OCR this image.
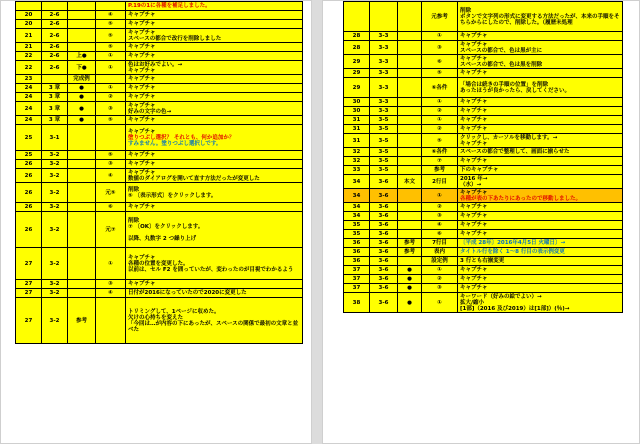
				P.19の1に各種を補足しました。

20	2-6		④	キャプチャ

20	2-6		⑤	キャプチャ

21	2-6		⑤	キャプチャ
スペースの都合で改行を削除しました

21	2-6		⑤	キャプチャ

22	2-6	上●	①	キャプチャ

22	2-6	下●	①	色はお好みでよい。→
キャプチャ

23		完成例		キャプチャ

24	3 章	●	①	キャプチャ

24	3 章	●	②	キャプチャ

24	3 章	●	③	キャプチャ
好みの文字の色→

24	3 章	●	⑤	キャプチャ

25	3-1			キャプチャ
塗りつぶし選択？ それとも、何か追加か？
すみません。塗りつぶし選択しです。

25	3-2		⑤	キャプチャ

26	3-2		③	キャプチャ

26	3-2		④	キャプチャ
数値のダイアログを開いて直す方法だったが変更した

26	3-2		元⑤	削除
⑤ 〔表示形式〕をクリックします。

26	3-2		⑥	キャプチャ

26	3-2		元⑦	削除
⑦ 〔OK〕をクリックします。
以降、丸数字 2 つ繰り上げ

27	3-2		①	キャプチャ
各種の位置を変更した。
以前は、セル F2 を囲っていたが、変わったのが目視でわかるよう

27	3-2		③	キャプチャ

27	3-2		④	日付が2016になっていたので2020に変更した

27	3-2	参考		トリミングして、1ページに収めた。
欠けの心持ちを変えた
「今回は…が内容の下にあったが、スペースの関係で最初の文章と並べた
			元参考	削除
ボタンで文字列の形式に変更する方法だったが、本来の手順をそちらからにしたので、削除した。（履歴未処理

28	3-3		①	キャプチャ

28	3-3		③	キャプチャ
スペースの都合で、色は黒が主に

29	3-3		⑥	キャプチャ
スペースの都合で、色は黒を削除

29	3-3		⑤	キャプチャ

29	3-3		⑥各件	「場合は続きの手順の位置」を削除
あったほうが良かったら、戻してください。

30	3-3		①	キャプチャ

30	3-3		②	キャプチャ

31	3-5		①	キャプチャ

31	3-5		②	キャプチャ

31	3-5		⑤	クリックし、カーソルを移動します。→
キャプチャ

32	3-5		⑥各件	スペースの都合で整理して、画面に揃らせた

32	3-5		⑦	キャプチャ

33	3-5		参考	下のキャプチャ

34	3-6	本文	2行目	2016 年→
（水）→

34	3-6		①	キャプチャ
各種が表の下あたりにあったので移動しました。

34	3-6		②	キャプチャ

34	3-6		③	キャプチャ

35	3-6		④	キャプチャ

35	3-6		⑥	キャプチャ

36	3-6	参考	7行目	〔平成 28年〕2016年4月5日 火曜日〕→

36	3-6	参考	表内	タイトル行を除く 1～8 行目の表示例変更

36	3-6		設定例	3 行とも右揃変更

37	3-6	●	①	キャプチャ

37	3-6	●	②	キャプチャ

37	3-6	●	③	キャプチャ

38	3-6	●	①	キーワード（好みの絵でよい）→
拡大/縮小
[1部]（2016 及び2019）は[1部]）(％)→
